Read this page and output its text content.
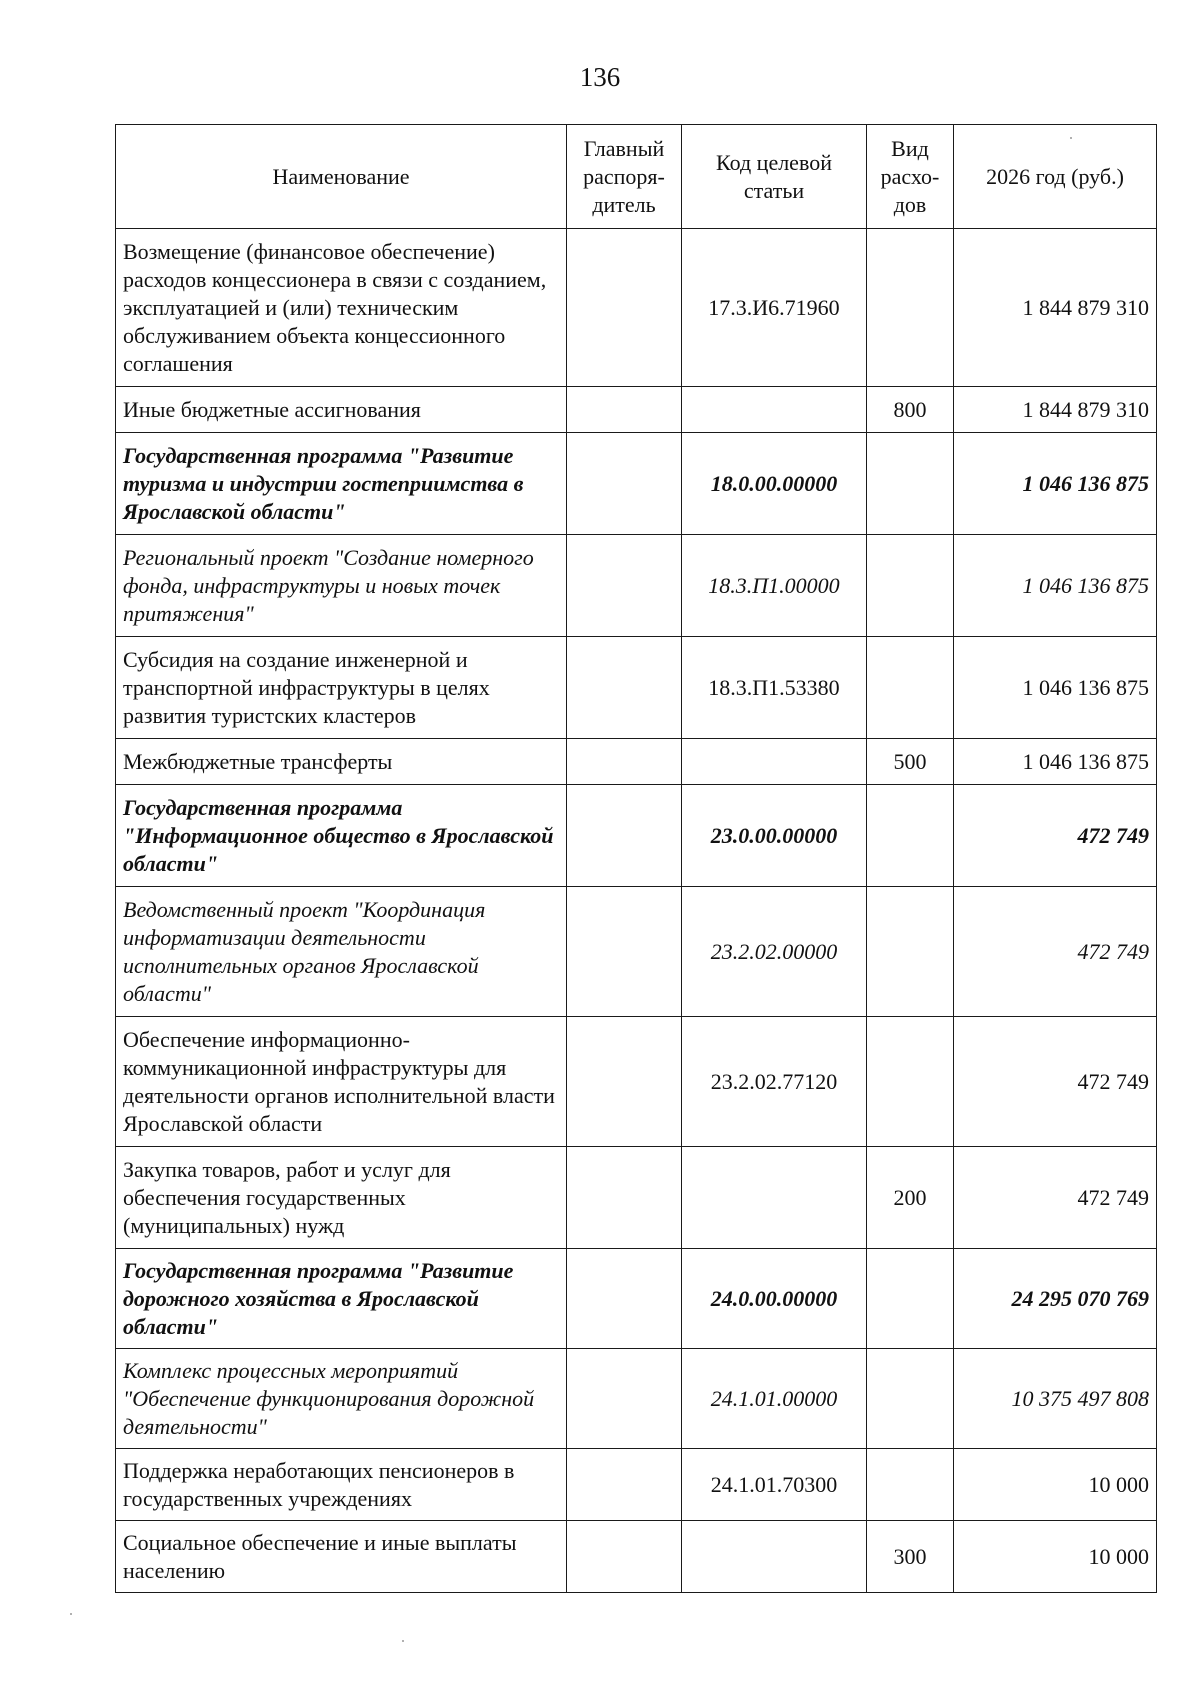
136
Наименование	Главный распоря-дитель	Код целевой статьи	Вид расхо-дов	2026 год (руб.)
Возмещение (финансовое обеспечение) расходов концессионера в связи с созданием, эксплуатацией и (или) техническим обслуживанием объекта концессионного соглашения		17.3.И6.71960		1 844 879 310
Иные бюджетные ассигнования			800	1 844 879 310
Государственная программа "Развитие туризма и индустрии гостеприимства в Ярославской области"		18.0.00.00000		1 046 136 875
Региональный проект "Создание номерного фонда, инфраструктуры и новых точек притяжения"		18.3.П1.00000		1 046 136 875
Субсидия на создание инженерной и транспортной инфраструктуры в целях развития туристских кластеров		18.3.П1.53380		1 046 136 875
Межбюджетные трансферты			500	1 046 136 875
Государственная программа "Информационное общество в Ярославской области"		23.0.00.00000		472 749
Ведомственный проект "Координация информатизации деятельности исполнительных органов Ярославской области"		23.2.02.00000		472 749
Обеспечение информационно-коммуникационной инфраструктуры для деятельности органов исполнительной власти Ярославской области		23.2.02.77120		472 749
Закупка товаров, работ и услуг для обеспечения государственных (муниципальных) нужд			200	472 749
Государственная программа "Развитие дорожного хозяйства в Ярославской области"		24.0.00.00000		24 295 070 769
Комплекс процессных мероприятий "Обеспечение функционирования дорожной деятельности"		24.1.01.00000		10 375 497 808
Поддержка неработающих пенсионеров в государственных учреждениях		24.1.01.70300		10 000
Социальное обеспечение и иные выплаты населению			300	10 000
